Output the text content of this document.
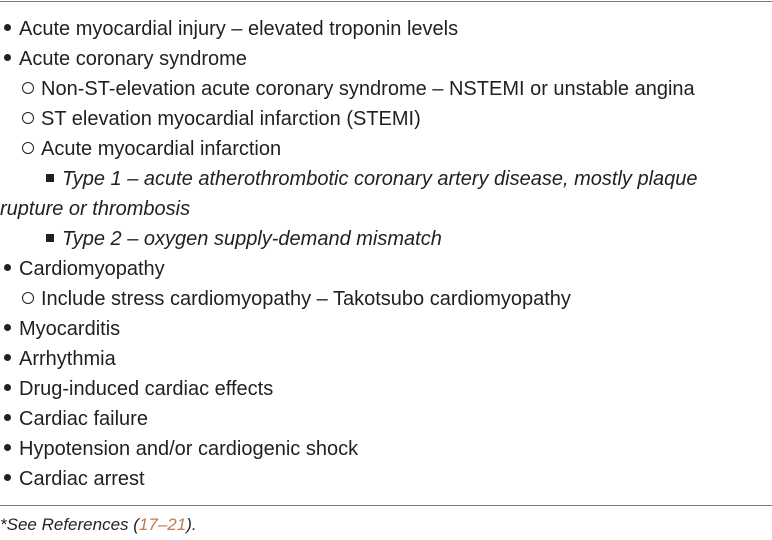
Acute myocardial injury – elevated troponin levels
Acute coronary syndrome
Non-ST-elevation acute coronary syndrome – NSTEMI or unstable angina
ST elevation myocardial infarction (STEMI)
Acute myocardial infarction
Type 1 – acute atherothrombotic coronary artery disease, mostly plaque
rupture or thrombosis
Type 2 – oxygen supply-demand mismatch
Cardiomyopathy
Include stress cardiomyopathy – Takotsubo cardiomyopathy
Myocarditis
Arrhythmia
Drug-induced cardiac effects
Cardiac failure
Hypotension and/or cardiogenic shock
Cardiac arrest
*See References (17–21).
